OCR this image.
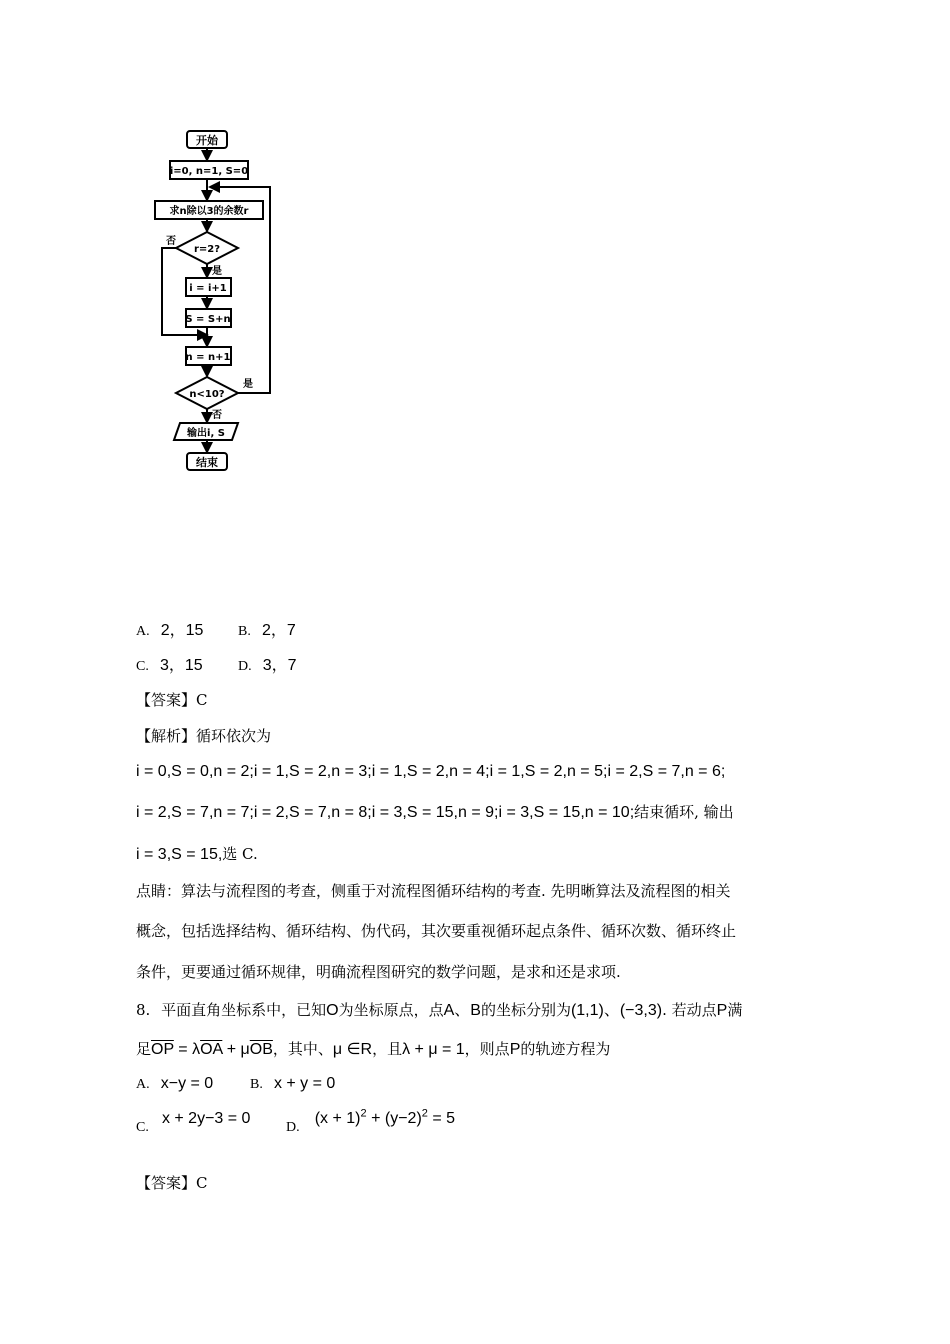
开始
i=0, n=1, S=0
求n除以3的余数r
r=2?
否
是
i = i+1
S = S+n
n = n+1
n<10?
是
否
输出i, S
结束
A. 2，15 B. 2，7
C. 3，15	D. 3，7
【答案】C
【解析】循环依次为
i = 0,S = 0,n = 2;i = 1,S = 2,n = 3;i = 1,S = 2,n = 4;i = 1,S = 2,n = 5;i = 2,S = 7,n = 6;
i = 2,S = 7,n = 7;i = 2,S = 7,n = 8;i = 3,S = 15,n = 9;i = 3,S = 15,n = 10;结束循环, 输出
i = 3,S = 15,选 C.
点睛：算法与流程图的考查，侧重于对流程图循环结构的考查. 先明晰算法及流程图的相关
概念，包括选择结构、循环结构、伪代码，其次要重视循环起点条件、循环次数、循环终止
条件，更要通过循环规律，明确流程图研究的数学问题，是求和还是求项.
8. 平面直角坐标系中，已知O为坐标原点，点A、B的坐标分别为(1,1)、(−3,3). 若动点P满
足$\overline{OP} = \lambda\overline{OA} + \mu\overline{OB}$，其中、μ ∈R，且λ + μ = 1，则点P的轨迹方程为
A. x−y = 0	B. x + y = 0
C. x + 2y−3 = 0
D. $(x + 1)^2 + (y-2)^2 = 5$
【答案】C
